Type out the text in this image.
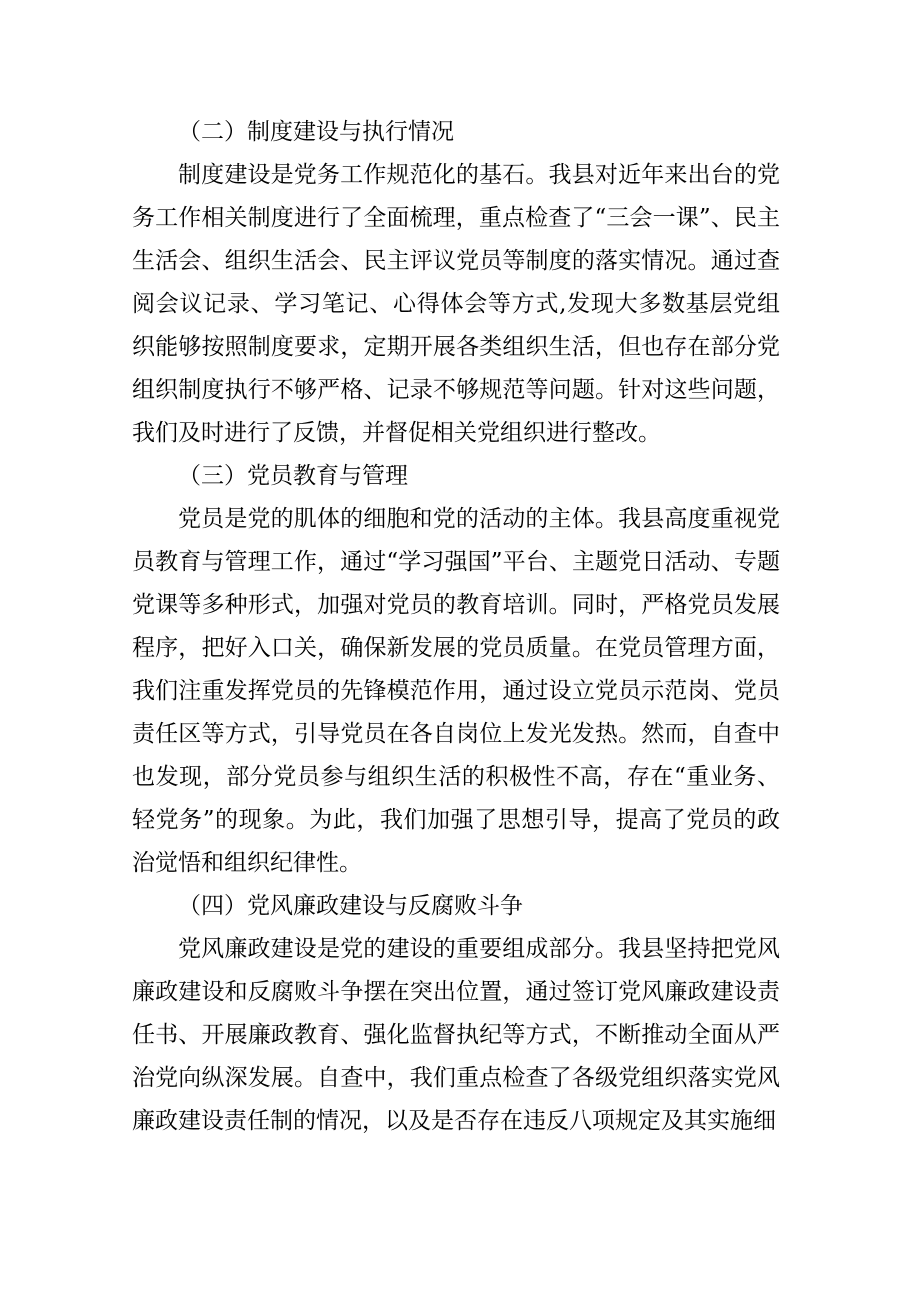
（二）制度建设与执行情况
制度建设是党务工作规范化的基石。我县对近年来出台的党务工作相关制度进行了全面梳理，重点检查了“三会一课”、民主生活会、组织生活会、民主评议党员等制度的落实情况。通过查阅会议记录、学习笔记、心得体会等方式,发现大多数基层党组织能够按照制度要求，定期开展各类组织生活，但也存在部分党组织制度执行不够严格、记录不够规范等问题。针对这些问题，我们及时进行了反馈，并督促相关党组织进行整改。
（三）党员教育与管理
党员是党的肌体的细胞和党的活动的主体。我县高度重视党员教育与管理工作，通过“学习强国”平台、主题党日活动、专题党课等多种形式，加强对党员的教育培训。同时，严格党员发展程序，把好入口关，确保新发展的党员质量。在党员管理方面，我们注重发挥党员的先锋模范作用，通过设立党员示范岗、党员责任区等方式，引导党员在各自岗位上发光发热。然而，自查中也发现，部分党员参与组织生活的积极性不高，存在“重业务、轻党务”的现象。为此，我们加强了思想引导，提高了党员的政治觉悟和组织纪律性。
（四）党风廉政建设与反腐败斗争
党风廉政建设是党的建设的重要组成部分。我县坚持把党风廉政建设和反腐败斗争摆在突出位置，通过签订党风廉政建设责任书、开展廉政教育、强化监督执纪等方式，不断推动全面从严治党向纵深发展。自查中，我们重点检查了各级党组织落实党风廉政建设责任制的情况，以及是否存在违反八项规定及其实施细
